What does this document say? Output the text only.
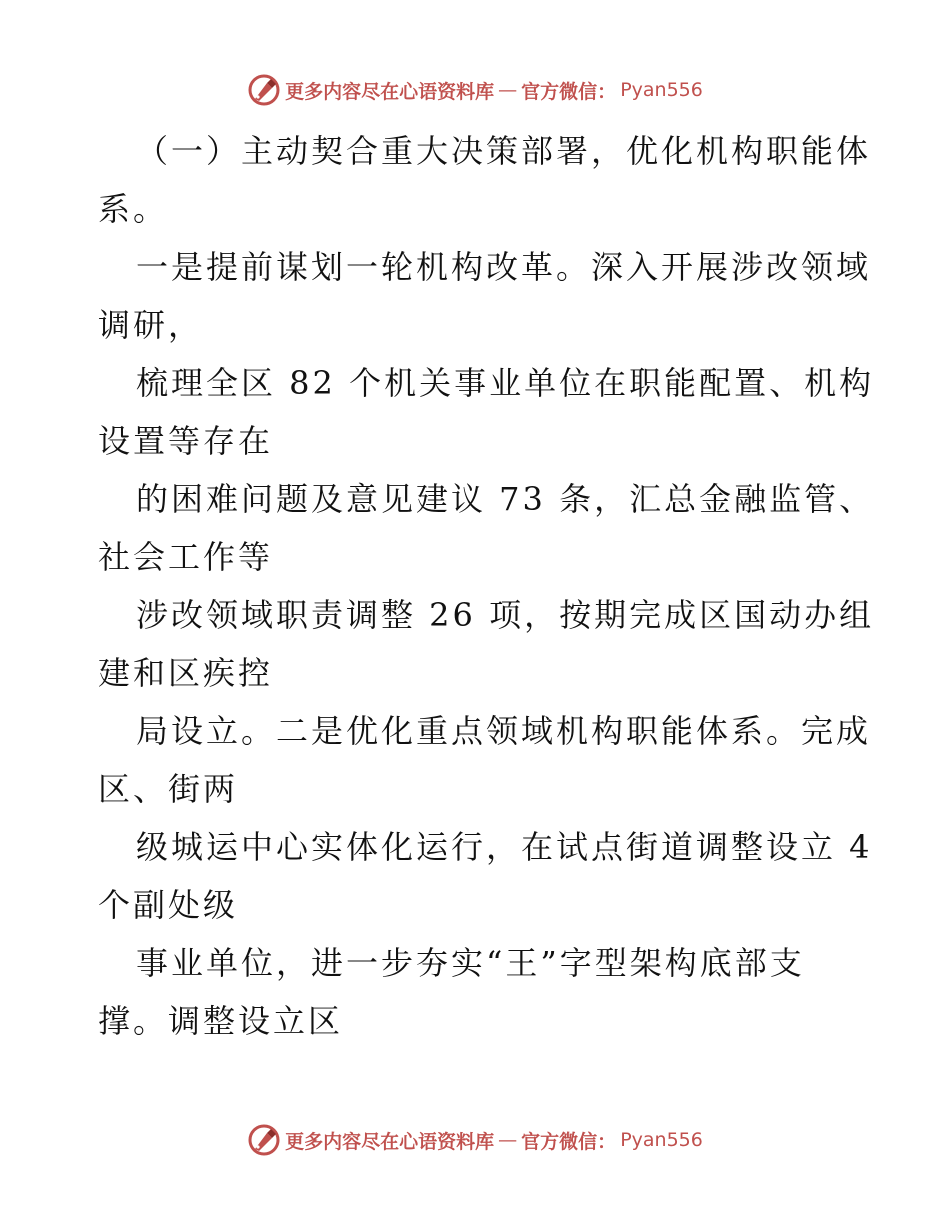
更多内容尽在心语资料库 — 官方微信： Pyan556

（一）主动契合重大决策部署，优化机构职能体

系。

一是提前谋划一轮机构改革。深入开展涉改领域

调研，

梳理全区 82 个机关事业单位在职能配置、机构

设置等存在

的困难问题及意见建议 73 条，汇总金融监管、

社会工作等

涉改领域职责调整 26 项，按期完成区国动办组

建和区疾控

局设立。二是优化重点领域机构职能体系。完成

区、街两

级城运中心实体化运行，在试点街道调整设立 4

个副处级

事业单位，进一步夯实“王”字型架构底部支

撑。调整设立区

更多内容尽在心语资料库 — 官方微信： Pyan556
